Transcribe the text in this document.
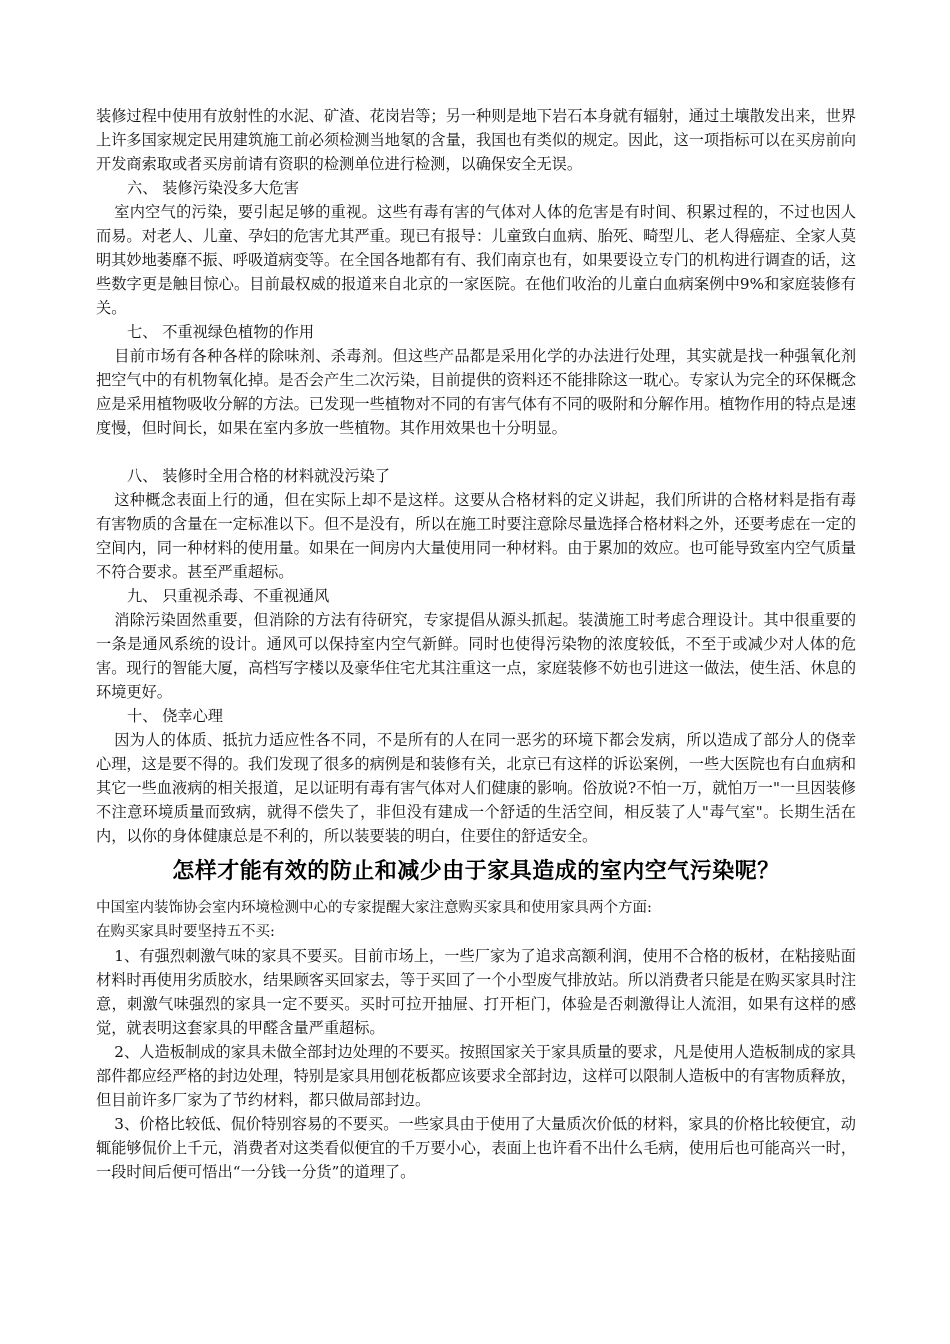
装修过程中使用有放射性的水泥、矿渣、花岗岩等；另一种则是地下岩石本身就有辐射，通过土壤散发出来，世界上许多国家规定民用建筑施工前必须检测当地氡的含量，我国也有类似的规定。因此，这一项指标可以在买房前向开发商索取或者买房前请有资职的检测单位进行检测，以确保安全无误。

六、 装修污染没多大危害

室内空气的污染，要引起足够的重视。这些有毒有害的气体对人体的危害是有时间、积累过程的，不过也因人而易。对老人、儿童、孕妇的危害尤其严重。现已有报导：儿童致白血病、胎死、畸型儿、老人得癌症、全家人莫明其妙地萎靡不振、呼吸道病变等。在全国各地都有有、我们南京也有，如果要设立专门的机构进行调查的话，这些数字更是触目惊心。目前最权威的报道来自北京的一家医院。在他们收治的儿童白血病案例中9%和家庭装修有关。

七、 不重视绿色植物的作用

目前市场有各种各样的除味剂、杀毒剂。但这些产品都是采用化学的办法进行处理，其实就是找一种强氧化剂把空气中的有机物氧化掉。是否会产生二次污染，目前提供的资料还不能排除这一耽心。专家认为完全的环保概念应是采用植物吸收分解的方法。已发现一些植物对不同的有害气体有不同的吸附和分解作用。植物作用的特点是速度慢，但时间长，如果在室内多放一些植物。其作用效果也十分明显。

八、 装修时全用合格的材料就没污染了

这种概念表面上行的通，但在实际上却不是这样。这要从合格材料的定义讲起，我们所讲的合格材料是指有毒有害物质的含量在一定标准以下。但不是没有，所以在施工时要注意除尽量选择合格材料之外，还要考虑在一定的空间内，同一种材料的使用量。如果在一间房内大量使用同一种材料。由于累加的效应。也可能导致室内空气质量不符合要求。甚至严重超标。

九、 只重视杀毒、不重视通风

消除污染固然重要，但消除的方法有待研究，专家提倡从源头抓起。装潢施工时考虑合理设计。其中很重要的一条是通风系统的设计。通风可以保持室内空气新鲜。同时也使得污染物的浓度较低，不至于或减少对人体的危害。现行的智能大厦，高档写字楼以及豪华住宅尤其注重这一点，家庭装修不妨也引进这一做法，使生活、休息的环境更好。

十、 侥幸心理

因为人的体质、抵抗力适应性各不同，不是所有的人在同一恶劣的环境下都会发病，所以造成了部分人的侥幸心理，这是要不得的。我们发现了很多的病例是和装修有关，北京已有这样的诉讼案例，一些大医院也有白血病和其它一些血液病的相关报道，足以证明有毒有害气体对人们健康的影响。俗放说?不怕一万，就怕万一"一旦因装修不注意环境质量而致病，就得不偿失了，非但没有建成一个舒适的生活空间，相反装了人"毒气室"。长期生活在内，以你的身体健康总是不利的，所以装要装的明白，住要住的舒适安全。

怎样才能有效的防止和减少由于家具造成的室内空气污染呢？

中国室内装饰协会室内环境检测中心的专家提醒大家注意购买家具和使用家具两个方面:

在购买家具时要坚持五不买:

1、有强烈刺激气味的家具不要买。目前市场上，一些厂家为了追求高额利润，使用不合格的板材，在粘接贴面材料时再使用劣质胶水，结果顾客买回家去，等于买回了一个小型废气排放站。所以消费者只能是在购买家具时注意，刺激气味强烈的家具一定不要买。买时可拉开抽屉、打开柜门，体验是否刺激得让人流泪，如果有这样的感觉，就表明这套家具的甲醛含量严重超标。

2、人造板制成的家具未做全部封边处理的不要买。按照国家关于家具质量的要求，凡是使用人造板制成的家具部件都应经严格的封边处理，特别是家具用刨花板都应该要求全部封边，这样可以限制人造板中的有害物质释放，但目前许多厂家为了节约材料，都只做局部封边。

3、价格比较低、侃价特别容易的不要买。一些家具由于使用了大量质次价低的材料，家具的价格比较便宜，动辄能够侃价上千元，消费者对这类看似便宜的千万要小心，表面上也许看不出什么毛病，使用后也可能高兴一时，一段时间后便可悟出“一分钱一分货”的道理了。
